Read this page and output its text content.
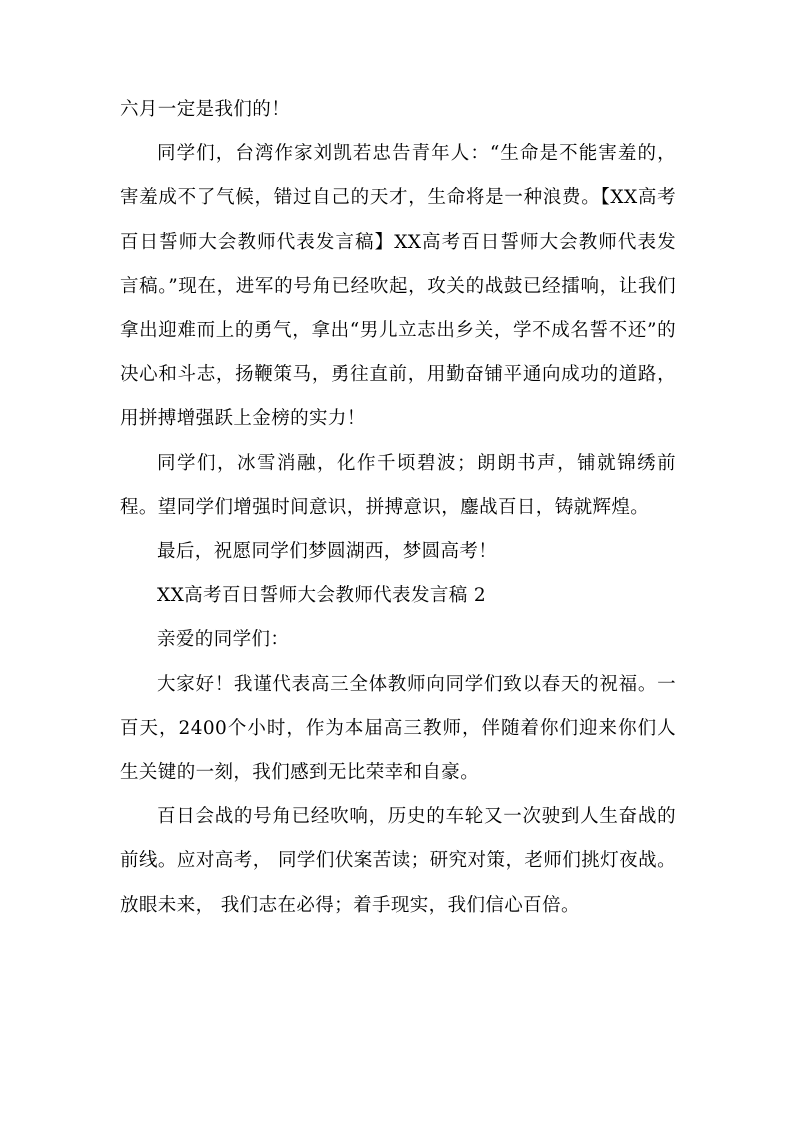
六月一定是我们的！

同学们，台湾作家刘凯若忠告青年人：“生命是不能害羞的，害羞成不了气候，错过自己的天才，生命将是一种浪费。【XX高考百日誓师大会教师代表发言稿】XX高考百日誓师大会教师代表发言稿。”现在，进军的号角已经吹起，攻关的战鼓已经擂响，让我们拿出迎难而上的勇气，拿出“男儿立志出乡关，学不成名誓不还”的决心和斗志，扬鞭策马，勇往直前，用勤奋铺平通向成功的道路，用拼搏增强跃上金榜的实力！

同学们，冰雪消融，化作千顷碧波；朗朗书声，铺就锦绣前程。望同学们增强时间意识，拼搏意识，鏖战百日，铸就辉煌。

最后，祝愿同学们梦圆湖西，梦圆高考！

XX高考百日誓师大会教师代表发言稿 2

亲爱的同学们：

大家好！我谨代表高三全体教师向同学们致以春天的祝福。一百天，2400个小时，作为本届高三教师，伴随着你们迎来你们人生关键的一刻，我们感到无比荣幸和自豪。

百日会战的号角已经吹响，历史的车轮又一次驶到人生奋战的前线。应对高考， 同学们伏案苦读；研究对策，老师们挑灯夜战。放眼未来， 我们志在必得；着手现实，我们信心百倍。
